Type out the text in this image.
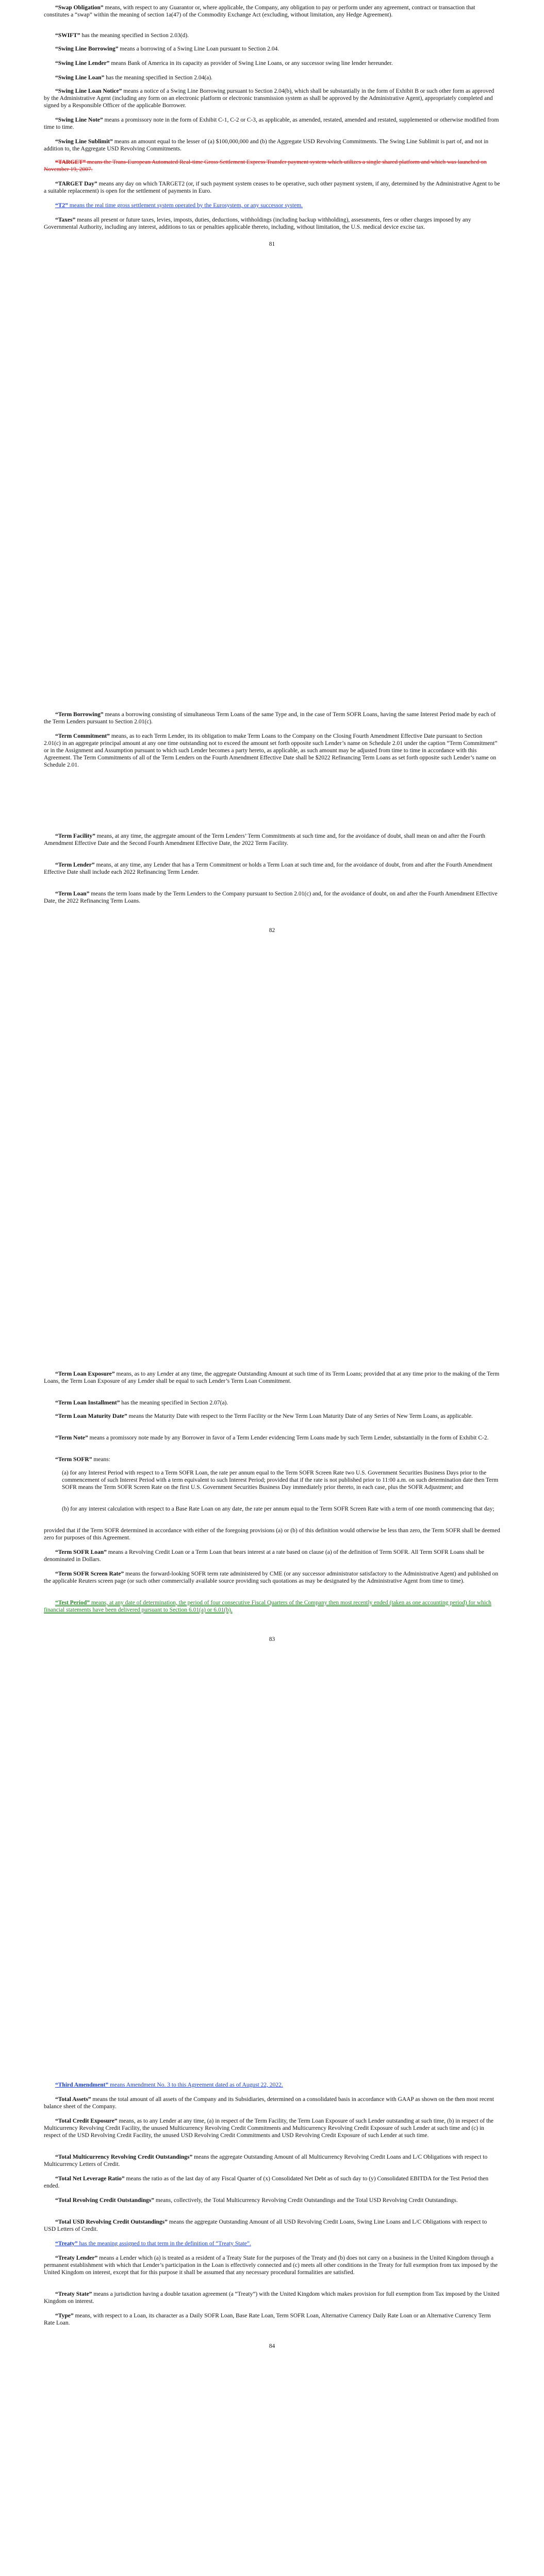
“Swap Obligation” means, with respect to any Guarantor or, where applicable, the Company, any obligation to pay or perform under any agreement, contract or transaction that constitutes a “swap” within the meaning of section 1a(47) of the Commodity Exchange Act (excluding, without limitation, any Hedge Agreement).

“SWIFT” has the meaning specified in Section 2.03(d).

“Swing Line Borrowing” means a borrowing of a Swing Line Loan pursuant to Section 2.04.

“Swing Line Lender” means Bank of America in its capacity as provider of Swing Line Loans, or any successor swing line lender hereunder.

“Swing Line Loan” has the meaning specified in Section 2.04(a).

“Swing Line Loan Notice” means a notice of a Swing Line Borrowing pursuant to Section 2.04(b), which shall be substantially in the form of Exhibit B or such other form as approved by the Administrative Agent (including any form on an electronic platform or electronic transmission system as shall be approved by the Administrative Agent), appropriately completed and signed by a Responsible Officer of the applicable Borrower.

“Swing Line Note” means a promissory note in the form of Exhibit C-1, C-2 or C-3, as applicable, as amended, restated, amended and restated, supplemented or otherwise modified from time to time.

“Swing Line Sublimit” means an amount equal to the lesser of (a) $100,000,000 and (b) the Aggregate USD Revolving Commitments. The Swing Line Sublimit is part of, and not in addition to, the Aggregate USD Revolving Commitments.

“TARGET” means the Trans-European Automated Real-time Gross Settlement Express Transfer payment system which utilizes a single shared platform and which was launched on November 19, 2007.

“TARGET Day” means any day on which TARGET2 (or, if such payment system ceases to be operative, such other payment system, if any, determined by the Administrative Agent to be a suitable replacement) is open for the settlement of payments in Euro.

“T2” means the real time gross settlement system operated by the Eurosystem, or any successor system.

“Taxes” means all present or future taxes, levies, imposts, duties, deductions, withholdings (including backup withholding), assessments, fees or other charges imposed by any Governmental Authority, including any interest, additions to tax or penalties applicable thereto, including, without limitation, the U.S. medical device excise tax.

81

“Term Borrowing” means a borrowing consisting of simultaneous Term Loans of the same Type and, in the case of Term SOFR Loans, having the same Interest Period made by each of the Term Lenders pursuant to Section 2.01(c).

“Term Commitment” means, as to each Term Lender, its its obligation to make Term Loans to the Company on the Closing Fourth Amendment Effective Date pursuant to Section 2.01(c) in an aggregate principal amount at any one time outstanding not to exceed the amount set forth opposite such Lender’s name on Schedule 2.01 under the caption “Term Commitment” or in the Assignment and Assumption pursuant to which such Lender becomes a party hereto, as applicable, as such amount may be adjusted from time to time in accordance with this Agreement. The Term Commitments of all of the Term Lenders on the Fourth Amendment Effective Date shall be $2022 Refinancing Term Loans as set forth opposite such Lender’s name on Schedule 2.01.

“Term Facility” means, at any time, the aggregate amount of the Term Lenders’ Term Commitments at such time and, for the avoidance of doubt, shall mean on and after the Fourth Amendment Effective Date and the Second Fourth Amendment Effective Date, the 2022 Term Facility.

“Term Lender” means, at any time, any Lender that has a Term Commitment or holds a Term Loan at such time and, for the avoidance of doubt, from and after the Fourth Amendment Effective Date shall include each 2022 Refinancing Term Lender.

“Term Loan” means the term loans made by the Term Lenders to the Company pursuant to Section 2.01(c) and, for the avoidance of doubt, on and after the Fourth Amendment Effective Date, the 2022 Refinancing Term Loans.

82

“Term Loan Exposure” means, as to any Lender at any time, the aggregate Outstanding Amount at such time of its Term Loans; provided that at any time prior to the making of the Term Loans, the Term Loan Exposure of any Lender shall be equal to such Lender’s Term Loan Commitment.

“Term Loan Installment” has the meaning specified in Section 2.07(a).

“Term Loan Maturity Date” means the Maturity Date with respect to the Term Facility or the New Term Loan Maturity Date of any Series of New Term Loans, as applicable.

“Term Note” means a promissory note made by any Borrower in favor of a Term Lender evidencing Term Loans made by such Term Lender, substantially in the form of Exhibit C-2.

“Term SOFR” means:

(a) for any Interest Period with respect to a Term SOFR Loan, the rate per annum equal to the Term SOFR Screen Rate two U.S. Government Securities Business Days prior to the commencement of such Interest Period with a term equivalent to such Interest Period; provided that if the rate is not published prior to 11:00 a.m. on such determination date then Term SOFR means the Term SOFR Screen Rate on the first U.S. Government Securities Business Day immediately prior thereto, in each case, plus the SOFR Adjustment; and

(b) for any interest calculation with respect to a Base Rate Loan on any date, the rate per annum equal to the Term SOFR Screen Rate with a term of one month commencing that day;

provided that if the Term SOFR determined in accordance with either of the foregoing provisions (a) or (b) of this definition would otherwise be less than zero, the Term SOFR shall be deemed zero for purposes of this Agreement.

“Term SOFR Loan” means a Revolving Credit Loan or a Term Loan that bears interest at a rate based on clause (a) of the definition of Term SOFR. All Term SOFR Loans shall be denominated in Dollars.

“Term SOFR Screen Rate” means the forward-looking SOFR term rate administered by CME (or any successor administrator satisfactory to the Administrative Agent) and published on the applicable Reuters screen page (or such other commercially available source providing such quotations as may be designated by the Administrative Agent from time to time).

“Test Period” means, at any date of determination, the period of four consecutive Fiscal Quarters of the Company then most recently ended (taken as one accounting period) for which financial statements have been delivered pursuant to Section 6.01(a) or 6.01(b).

83

“Third Amendment” means Amendment No. 3 to this Agreement dated as of August 22, 2022.

“Total Assets” means the total amount of all assets of the Company and its Subsidiaries, determined on a consolidated basis in accordance with GAAP as shown on the then most recent balance sheet of the Company.

“Total Credit Exposure” means, as to any Lender at any time, (a) in respect of the Term Facility, the Term Loan Exposure of such Lender outstanding at such time, (b) in respect of the Multicurrency Revolving Credit Facility, the unused Multicurrency Revolving Credit Commitments and Multicurrency Revolving Credit Exposure of such Lender at such time and (c) in respect of the USD Revolving Credit Facility, the unused USD Revolving Credit Commitments and USD Revolving Credit Exposure of such Lender at such time.

“Total Multicurrency Revolving Credit Outstandings” means the aggregate Outstanding Amount of all Multicurrency Revolving Credit Loans and L/C Obligations with respect to Multicurrency Letters of Credit.

“Total Net Leverage Ratio” means the ratio as of the last day of any Fiscal Quarter of (x) Consolidated Net Debt as of such day to (y) Consolidated EBITDA for the Test Period then ended.

“Total Revolving Credit Outstandings” means, collectively, the Total Multicurrency Revolving Credit Outstandings and the Total USD Revolving Credit Outstandings.

“Total USD Revolving Credit Outstandings” means the aggregate Outstanding Amount of all USD Revolving Credit Loans, Swing Line Loans and L/C Obligations with respect to USD Letters of Credit.

“Treaty” has the meaning assigned to that term in the definition of “Treaty State”.

“Treaty Lender” means a Lender which (a) is treated as a resident of a Treaty State for the purposes of the Treaty and (b) does not carry on a business in the United Kingdom through a permanent establishment with which that Lender’s participation in the Loan is effectively connected and (c) meets all other conditions in the Treaty for full exemption from tax imposed by the United Kingdom on interest, except that for this purpose it shall be assumed that any necessary procedural formalities are satisfied.

“Treaty State” means a jurisdiction having a double taxation agreement (a “Treaty”) with the United Kingdom which makes provision for full exemption from Tax imposed by the United Kingdom on interest.

“Type” means, with respect to a Loan, its character as a Daily SOFR Loan, Base Rate Loan, Term SOFR Loan, Alternative Currency Daily Rate Loan or an Alternative Currency Term Rate Loan.

84
